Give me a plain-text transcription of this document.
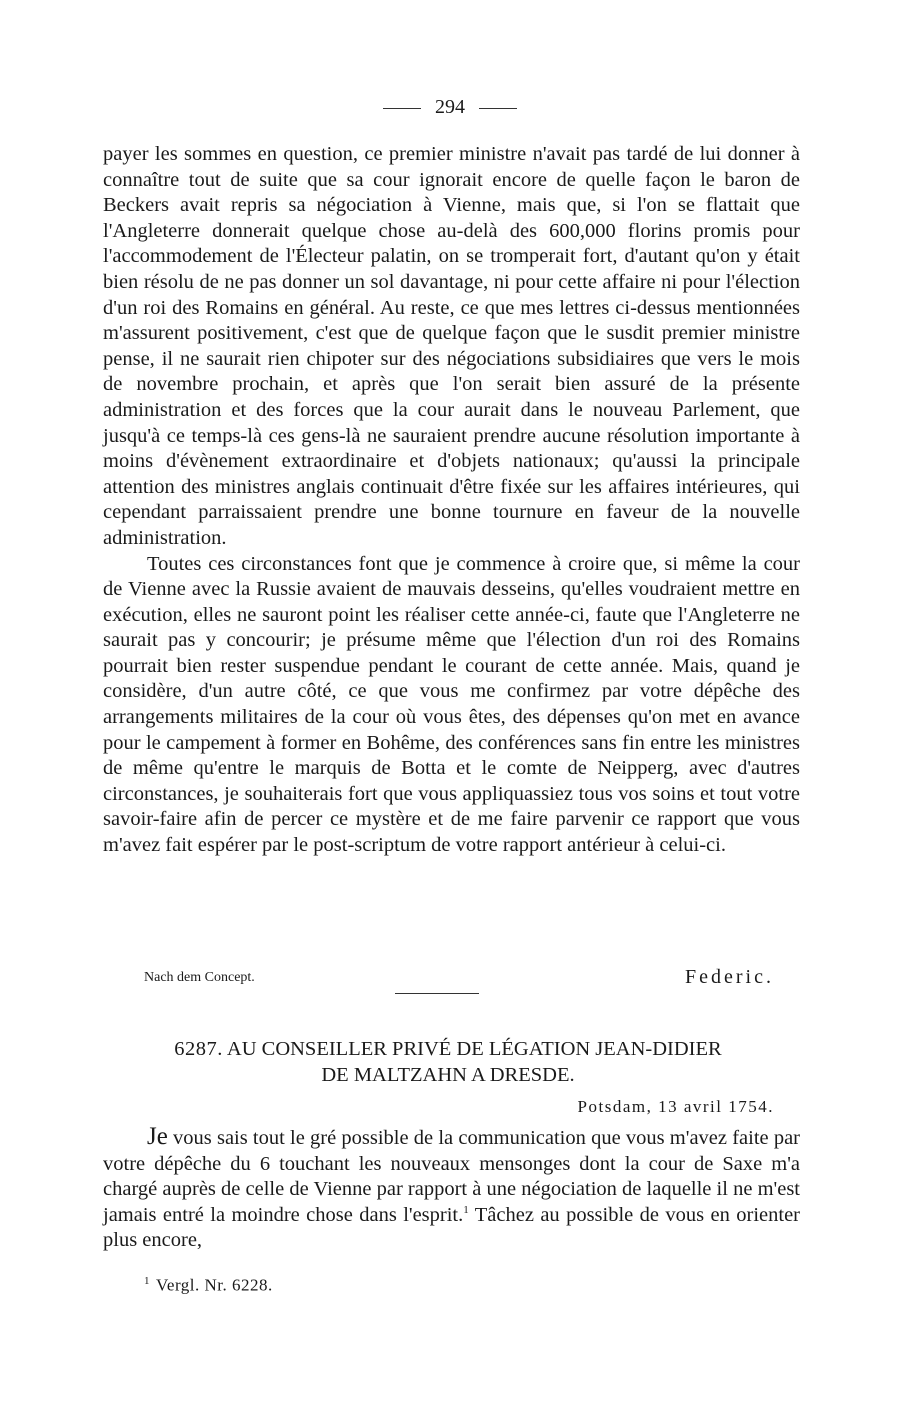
294

payer les sommes en question, ce premier ministre n'avait pas tardé de lui donner à connaître tout de suite que sa cour ignorait encore de quelle façon le baron de Beckers avait repris sa négociation à Vienne, mais que, si l'on se flattait que l'Angleterre donnerait quelque chose au-delà des 600,000 florins promis pour l'accommodement de l'Électeur palatin, on se tromperait fort, d'autant qu'on y était bien résolu de ne pas donner un sol davantage, ni pour cette affaire ni pour l'élection d'un roi des Romains en général. Au reste, ce que mes lettres ci-dessus mentionnées m'assurent positivement, c'est que de quelque façon que le susdit premier ministre pense, il ne saurait rien chipoter sur des négociations subsidiaires que vers le mois de novembre prochain, et après que l'on serait bien assuré de la présente administration et des forces que la cour aurait dans le nouveau Parlement, que jusqu'à ce temps-là ces gens-là ne sauraient prendre aucune résolution importante à moins d'évènement extraordinaire et d'objets nationaux; qu'aussi la principale attention des ministres anglais continuait d'être fixée sur les affaires intérieures, qui cependant parraissaient prendre une bonne tournure en faveur de la nouvelle administration.

Toutes ces circonstances font que je commence à croire que, si même la cour de Vienne avec la Russie avaient de mauvais desseins, qu'elles voudraient mettre en exécution, elles ne sauront point les réaliser cette année-ci, faute que l'Angleterre ne saurait pas y concourir; je présume même que l'élection d'un roi des Romains pourrait bien rester suspendue pendant le courant de cette année. Mais, quand je considère, d'un autre côté, ce que vous me confirmez par votre dépêche des arrangements militaires de la cour où vous êtes, des dépenses qu'on met en avance pour le campement à former en Bohême, des conférences sans fin entre les ministres de même qu'entre le marquis de Botta et le comte de Neipperg, avec d'autres circonstances, je souhaiterais fort que vous appliquassiez tous vos soins et tout votre savoir-faire afin de percer ce mystère et de me faire parvenir ce rapport que vous m'avez fait espérer par le post-scriptum de votre rapport antérieur à celui-ci.

Nach dem Concept.	Federic.
6287. AU CONSEILLER PRIVÉ DE LÉGATION JEAN-DIDIER
DE MALTZAHN A DRESDE.
Potsdam, 13 avril 1754.

Je vous sais tout le gré possible de la communication que vous m'avez faite par votre dépêche du 6 touchant les nouveaux mensonges dont la cour de Saxe m'a chargé auprès de celle de Vienne par rapport à une négociation de laquelle il ne m'est jamais entré la moindre chose dans l'esprit.$^1$ Tâchez au possible de vous en orienter plus encore,

$^1$ Vergl. Nr. 6228.
